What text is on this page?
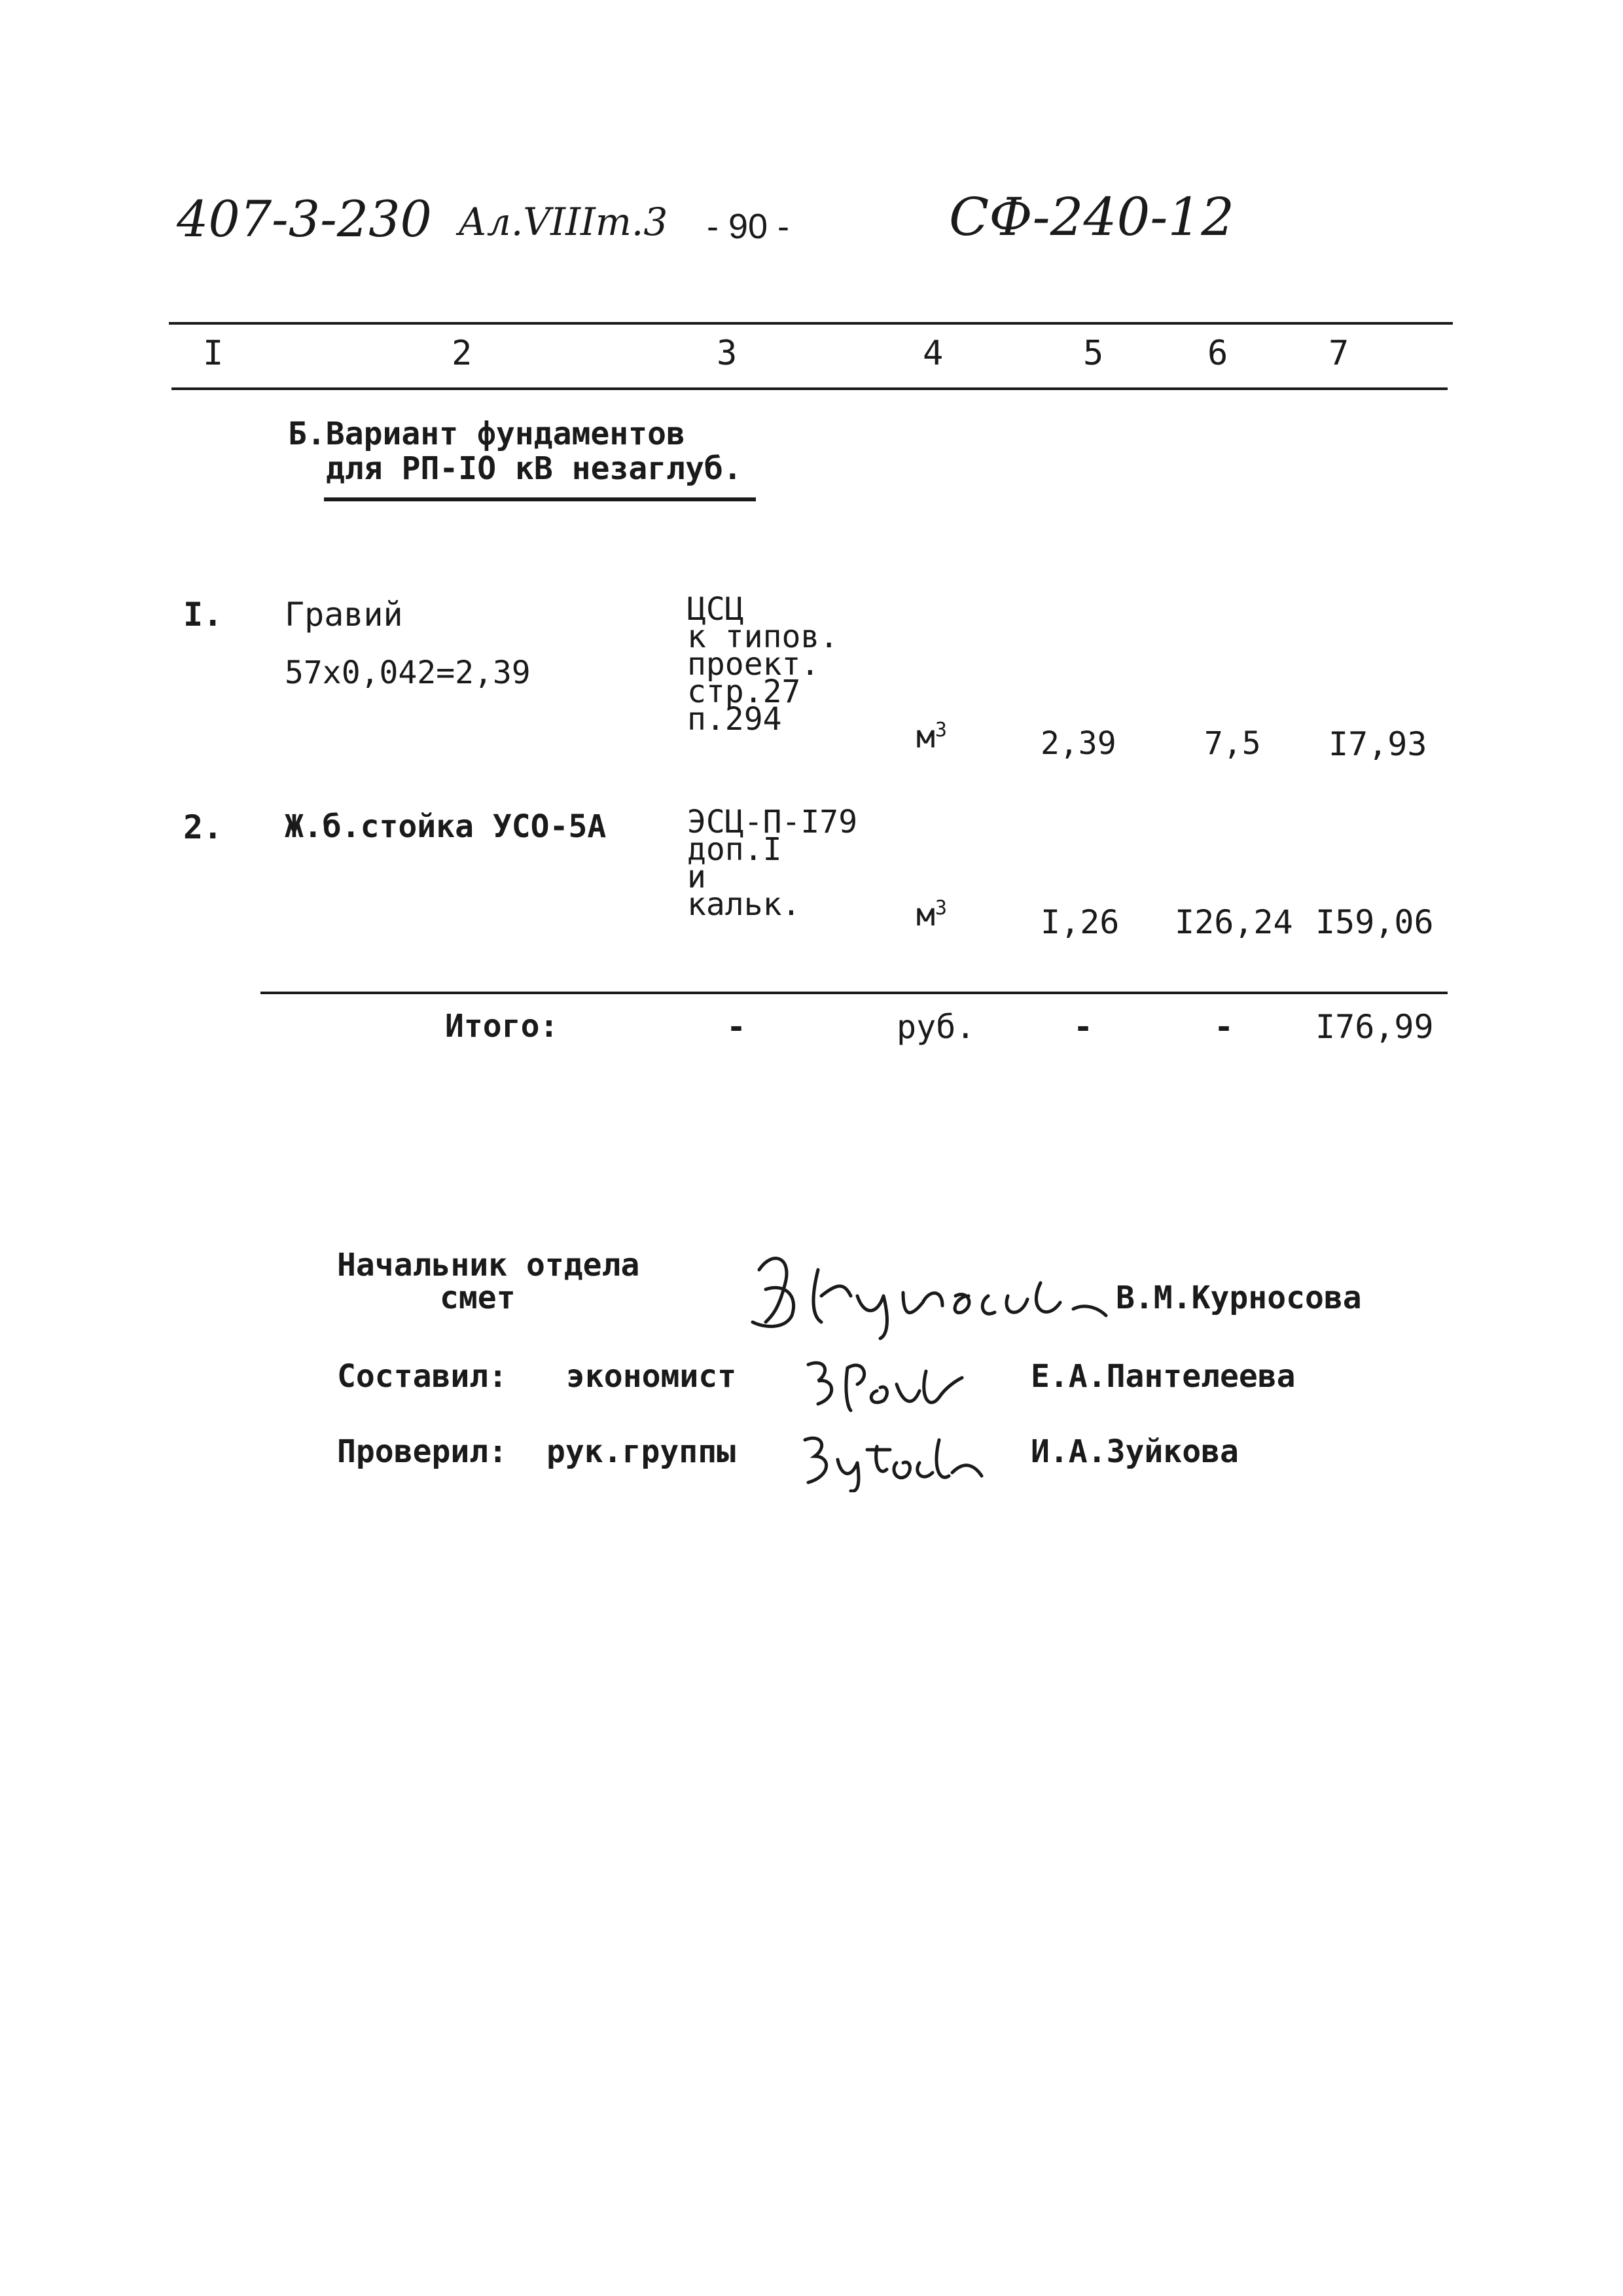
407-3-230 Ал.VIIIт.3 - 90 -	СФ-240-12
I	2	3	4	5	6	7
Б.Вариант фундаментов
для РП-IO кВ незаглуб.
I. Гравий
57х0,042=2,39
ЦСЦ
к типов.
проект.
стр.27
п.294	$м^3$	2,39	7,5 I7,93
2. Ж.б.стойка УСО-5А	ЭСЦ-П-I79
доп.I
и
кальк.	$м^3$	I,26 I26,24 I59,06
Итого:	-	руб.	-	- I76,99
Начальник отдела
смет	В.М.Курносова
Составил: экономист	Е.А.Пантелеева
Проверил: рук.группы	И.А.Зуйкова
